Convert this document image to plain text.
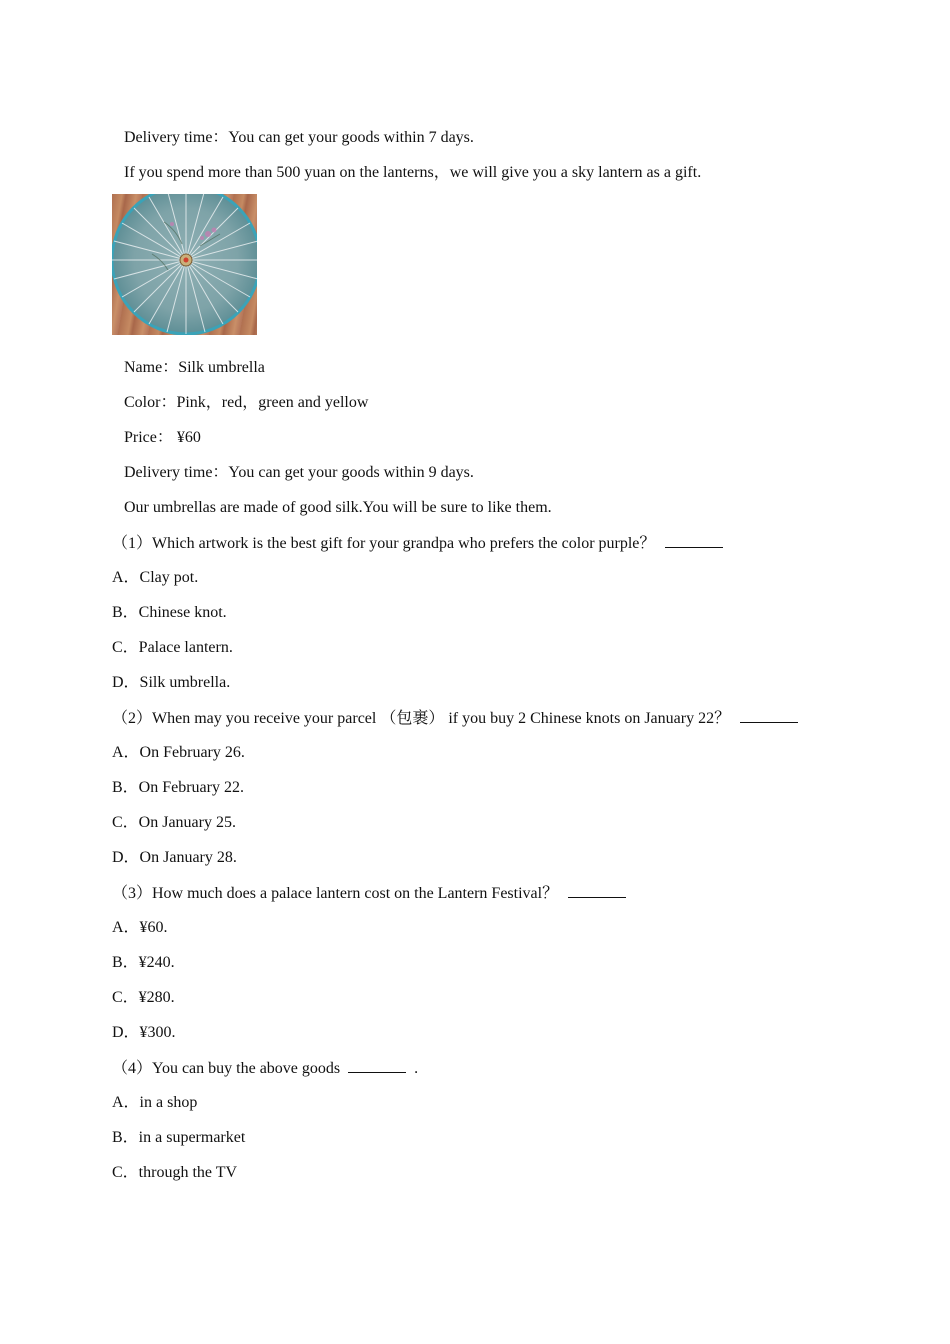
Delivery time：You can get your goods within 7 days.
If you spend more than 500 yuan on the lanterns，we will give you a sky lantern as a gift.
Name：Silk umbrella
Color：Pink，red，green and yellow
Price： ¥60
Delivery time：You can get your goods within 9 days.
Our umbrellas are made of good silk.You will be sure to like them.
（1）Which artwork is the best gift for your grandpa who prefers the color purple？
A．Clay pot.
B．Chinese knot.
C．Palace lantern.
D．Silk umbrella.
（2）When may you receive your parcel （包裹） if you buy 2 Chinese knots on January 22？
A．On February 26.
B．On February 22.
C．On January 25.
D．On January 28.
（3）How much does a palace lantern cost on the Lantern Festival？
A．¥60.
B．¥240.
C．¥280.
D．¥300.
（4）You can buy the above goods	.
A．in a shop
B．in a supermarket
C．through the TV
